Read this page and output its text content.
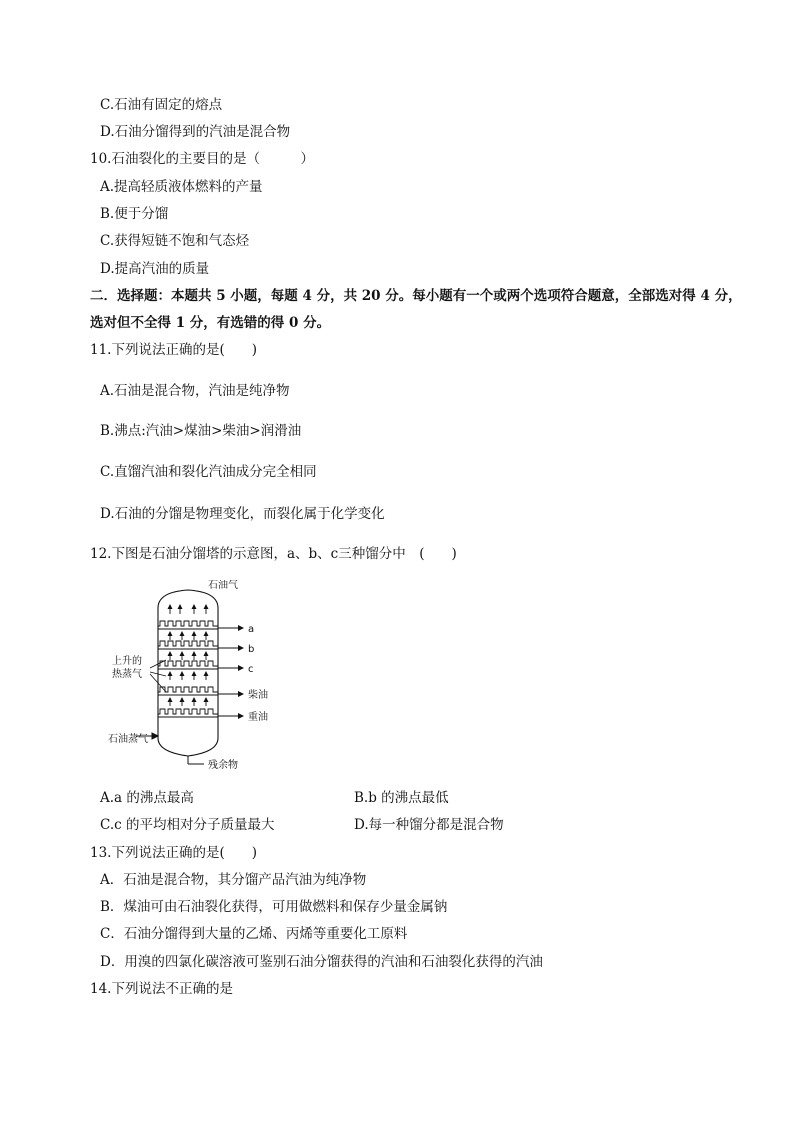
C.石油有固定的熔点
D.石油分馏得到的汽油是混合物
10.石油裂化的主要目的是（　　　）
A.提高轻质液体燃料的产量
B.便于分馏
C.获得短链不饱和气态烃
D.提高汽油的质量
二．选择题：本题共 5 小题，每题 4 分，共 20 分。每小题有一个或两个选项符合题意，全部选对得 4 分，
选对但不全得 1 分，有选错的得 0 分。
11.下列说法正确的是(　　)
A.石油是混合物，汽油是纯净物
B.沸点:汽油>煤油>柴油>润滑油
C.直馏汽油和裂化汽油成分完全相同
D.石油的分馏是物理变化，而裂化属于化学变化
12.下图是石油分馏塔的示意图，a、b、c三种馏分中　(　　)
a
b
c
柴油
重油
石油气
上升的
热蒸气
石油蒸气
残余物
A.a 的沸点最高	B.b 的沸点最低
C.c 的平均相对分子质量最大	D.每一种馏分都是混合物
13.下列说法正确的是(　　)
A．石油是混合物，其分馏产品汽油为纯净物
B．煤油可由石油裂化获得，可用做燃料和保存少量金属钠
C．石油分馏得到大量的乙烯、丙烯等重要化工原料
D．用溴的四氯化碳溶液可鉴别石油分馏获得的汽油和石油裂化获得的汽油
14.下列说法不正确的是
